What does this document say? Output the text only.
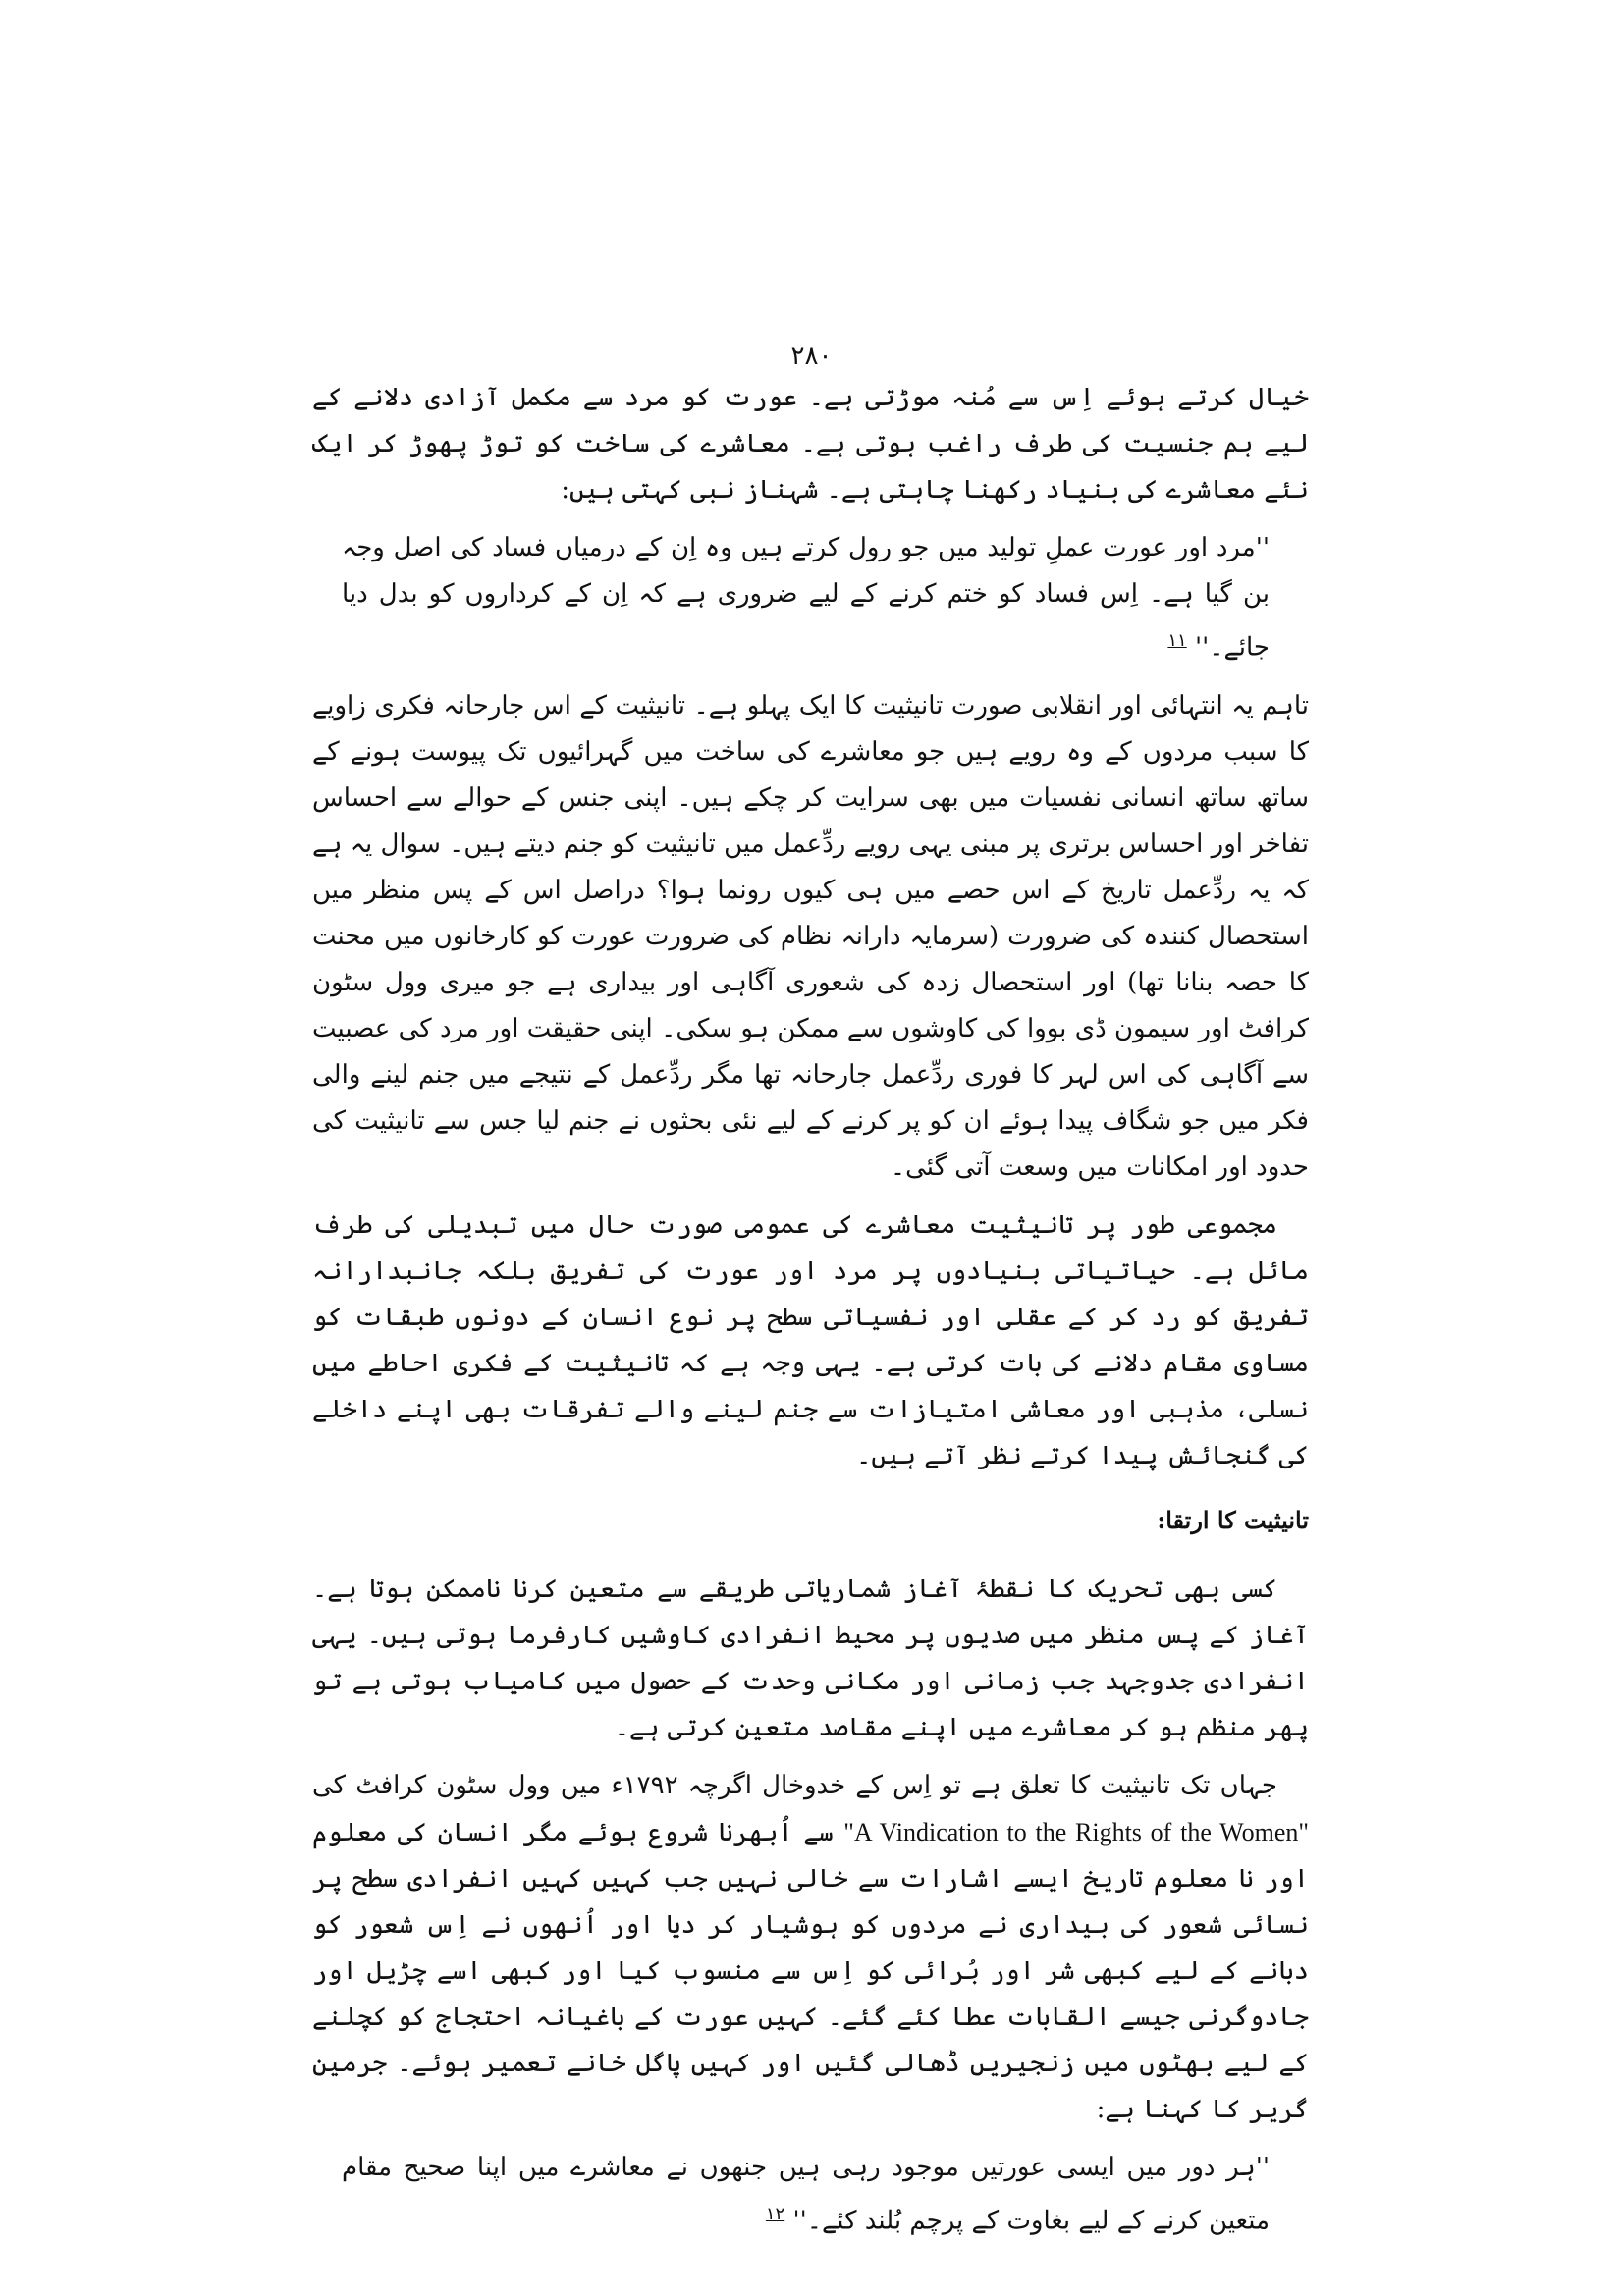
۲۸۰

خیال کرتے ہوئے اِس سے مُنہ موڑتی ہے۔ عورت کو مرد سے مکمل آزادی دلانے کے لیے ہم جنسیت کی طرف راغب ہوتی ہے۔ معاشرے کی ساخت کو توڑ پھوڑ کر ایک نئے معاشرے کی بنیاد رکھنا چاہتی ہے۔ شہناز نبی کہتی ہیں:

''مرد اور عورت عملِ تولید میں جو رول کرتے ہیں وہ اِن کے درمیاں فساد کی اصل وجہ بن گیا ہے۔ اِس فساد کو ختم کرنے کے لیے ضروری ہے کہ اِن کے کرداروں کو بدل دیا جائے۔'' $^{۱۱}$

تاہم یہ انتہائی اور انقلابی صورت تانیثیت کا ایک پہلو ہے۔ تانیثیت کے اس جارحانہ فکری زاویے کا سبب مردوں کے وہ رویے ہیں جو معاشرے کی ساخت میں گہرائیوں تک پیوست ہونے کے ساتھ ساتھ انسانی نفسیات میں بھی سرایت کر چکے ہیں۔ اپنی جنس کے حوالے سے احساس تفاخر اور احساس برتری پر مبنی یہی رویے ردِّعمل میں تانیثیت کو جنم دیتے ہیں۔ سوال یہ ہے کہ یہ ردِّعمل تاریخ کے اس حصے میں ہی کیوں رونما ہوا؟ دراصل اس کے پس منظر میں استحصال کنندہ کی ضرورت (سرمایہ دارانہ نظام کی ضرورت عورت کو کارخانوں میں محنت کا حصہ بنانا تھا) اور استحصال زدہ کی شعوری آگاہی اور بیداری ہے جو میری وول سٹون کرافٹ اور سیمون ڈی بووا کی کاوشوں سے ممکن ہو سکی۔ اپنی حقیقت اور مرد کی عصبیت سے آگاہی کی اس لہر کا فوری ردِّعمل جارحانہ تھا مگر ردِّعمل کے نتیجے میں جنم لینے والی فکر میں جو شگاف پیدا ہوئے ان کو پر کرنے کے لیے نئی بحثوں نے جنم لیا جس سے تانیثیت کی حدود اور امکانات میں وسعت آتی گئی۔

مجموعی طور پر تانیثیت معاشرے کی عمومی صورت حال میں تبدیلی کی طرف مائل ہے۔ حیاتیاتی بنیادوں پر مرد اور عورت کی تفریق بلکہ جانبدارانہ تفریق کو رد کر کے عقلی اور نفسیاتی سطح پر نوع انسان کے دونوں طبقات کو مساوی مقام دلانے کی بات کرتی ہے۔ یہی وجہ ہے کہ تانیثیت کے فکری احاطے میں نسلی، مذہبی اور معاشی امتیازات سے جنم لینے والے تفرقات بھی اپنے داخلے کی گنجائش پیدا کرتے نظر آتے ہیں۔

تانیثیت کا ارتقا:

کسی بھی تحریک کا نقطۂ آغاز شماریاتی طریقے سے متعین کرنا ناممکن ہوتا ہے۔ آغاز کے پس منظر میں صدیوں پر محیط انفرادی کاوشیں کارفرما ہوتی ہیں۔ یہی انفرادی جدوجہد جب زمانی اور مکانی وحدت کے حصول میں کامیاب ہوتی ہے تو پھر منظم ہو کر معاشرے میں اپنے مقاصد متعین کرتی ہے۔

جہاں تک تانیثیت کا تعلق ہے تو اِس کے خدوخال اگرچہ ۱۷۹۲ء میں وول سٹون کرافٹ کی "A Vindication to the Rights of the Women" سے اُبھرنا شروع ہوئے مگر انسان کی معلوم اور نا معلوم تاریخ ایسے اشارات سے خالی نہیں جب کہیں کہیں انفرادی سطح پر نسائی شعور کی بیداری نے مردوں کو ہوشیار کر دیا اور اُنھوں نے اِس شعور کو دبانے کے لیے کبھی شر اور بُرائی کو اِس سے منسوب کیا اور کبھی اسے چڑیل اور جادوگرنی جیسے القابات عطا کئے گئے۔ کہیں عورت کے باغیانہ احتجاج کو کچلنے کے لیے بھٹوں میں زنجیریں ڈھالی گئیں اور کہیں پاگل خانے تعمیر ہوئے۔ جرمین گریر کا کہنا ہے:

''ہر دور میں ایسی عورتیں موجود رہی ہیں جنھوں نے معاشرے میں اپنا صحیح مقام متعین کرنے کے لیے بغاوت کے پرچم بُلند کئے۔'' $^{۱۲}$
